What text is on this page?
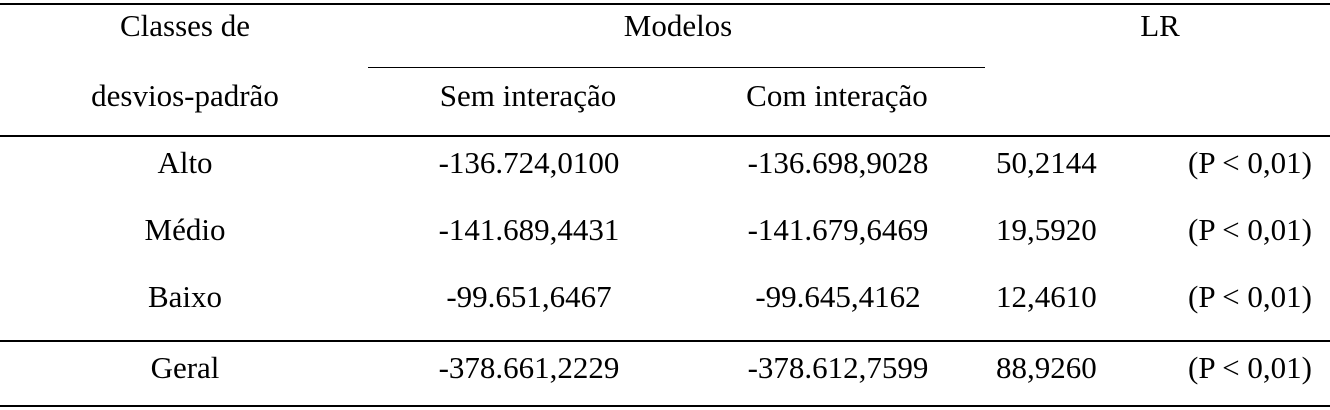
Classes de
desvios-padrão
Modelos	LR
Sem interação	Com interação
Alto	-136.724,0100	-136.698,9028	50,2144	(P < 0,01)
Médio	-141.689,4431	-141.679,6469	19,5920	(P < 0,01)
Baixo	-99.651,6467	-99.645,4162	12,4610	(P < 0,01)
Geral	-378.661,2229	-378.612,7599	88,9260	(P < 0,01)
